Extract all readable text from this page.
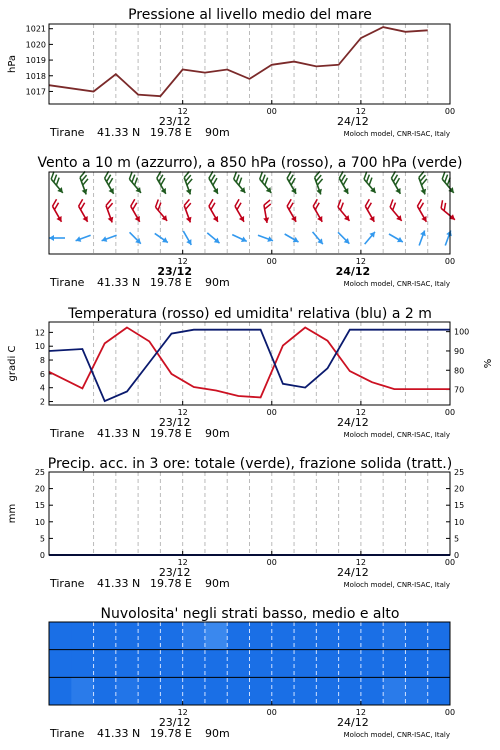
1017
1018
1019
1020
1021
hPa
Pressione al livello medio del mare
12	00	12	00
23/12	24/12
Tirane 41.33 N 19.78 E 90m	Moloch model, CNR-ISAC, Italy
Vento a 10 m (azzurro), a 850 hPa (rosso), a 700 hPa (verde)
12	00	12	00
23/12	24/12
Tirane 41.33 N 19.78 E 90m	Moloch model, CNR-ISAC, Italy
2
4
6
8
10
12
70
80
90
100
gradi C	%
Temperatura (rosso) ed umidita' relativa (blu) a 2 m
12	00	12	00
23/12	24/12
Tirane 41.33 N 19.78 E 90m	Moloch model, CNR-ISAC, Italy
0	0
5	5
10	10
15	15
20	20
25	25
mm
Precip. acc. in 3 ore: totale (verde), frazione solida (tratt.)
12	00	12	00
23/12	24/12
Tirane 41.33 N 19.78 E 90m	Moloch model, CNR-ISAC, Italy
Nuvolosita' negli strati basso, medio e alto
12	00	12	00
23/12	24/12
Tirane 41.33 N 19.78 E 90m	Moloch model, CNR-ISAC, Italy
